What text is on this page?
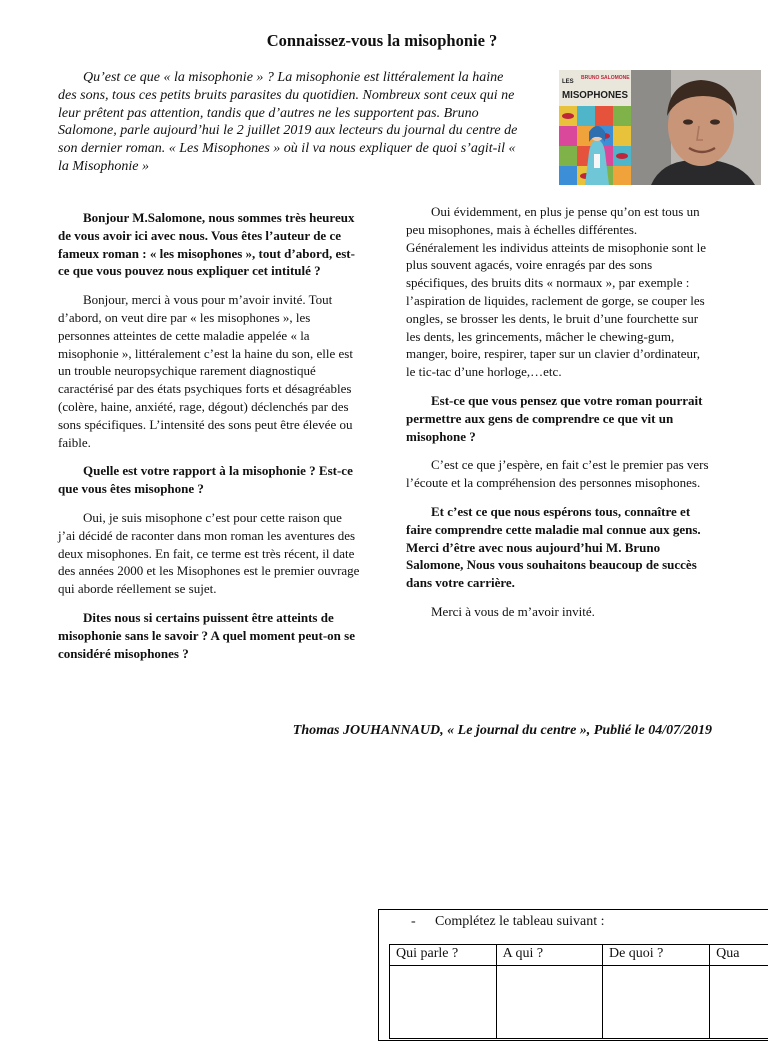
Connaissez-vous la misophonie ?

Qu’est ce que « la misophonie » ? La misophonie est littéralement la haine des sons, tous ces petits bruits parasites du quotidien. Nombreux sont ceux qui ne leur prêtent pas attention, tandis que d’autres ne les supportent pas. Bruno Salomone, parle aujourd’hui le 2 juillet 2019 aux lecteurs du journal du centre de son dernier roman. « Les Misophones » où il va nous expliquer de quoi s’agit-il « la Misophonie »

LES
BRUNO SALOMONE
MISOPHONES

Bonjour M.Salomone, nous sommes très heureux de vous avoir ici avec nous. Vous êtes l’auteur de ce fameux roman : « les misophones », tout d’abord, est-ce que vous pouvez nous expliquer cet intitulé ?

Bonjour, merci à vous pour m’avoir invité. Tout d’abord, on veut dire par « les misophones », les personnes atteintes de cette maladie appelée « la misophonie », littéralement c’est la haine du son, elle est un trouble neuropsychique rarement diagnostiqué caractérisé par des états psychiques forts et désagréables (colère, haine, anxiété, rage, dégout) déclenchés par des sons spécifiques. L’intensité des sons peut être élevée ou faible.

Quelle est votre rapport à la misophonie ? Est-ce que vous êtes misophone ?

Oui, je suis misophone c’est pour cette raison que j’ai décidé de raconter dans mon roman les aventures des deux misophones. En fait, ce terme est très récent, il date des années 2000 et les Misophones est le premier ouvrage qui aborde réellement se sujet.

Dites nous si certains puissent être atteints de misophonie sans le savoir ? A quel moment peut-on se considéré misophones ?

Oui évidemment, en plus je pense qu’on est tous un peu misophones, mais à échelles différentes. Généralement les individus atteints de misophonie sont le plus souvent agacés, voire enragés par des sons spécifiques, des bruits dits « normaux », par exemple : l’aspiration de liquides, raclement de gorge, se couper les ongles, se brosser les dents, le bruit d’une fourchette sur les dents, les grincements, mâcher le chewing-gum, manger, boire, respirer, taper sur un clavier d’ordinateur, le tic-tac d’une horloge,…etc.

Est-ce que vous pensez que votre roman pourrait permettre aux gens de comprendre ce que vit un misophone ?

C’est ce que j’espère, en fait c’est le premier pas vers l’écoute et la compréhension des personnes misophones.

Et c’est ce que nous espérons tous, connaître et faire comprendre cette maladie mal connue aux gens. Merci d’être avec nous aujourd’hui M. Bruno Salomone, Nous vous souhaitons beaucoup de succès dans votre carrière.

Merci à vous de m’avoir invité.

Thomas JOUHANNAUD, « Le journal du centre », Publié le 04/07/2019

- Complétez le tableau suivant :
Qui parle ?	A qui ?	De quoi ?	Qua
